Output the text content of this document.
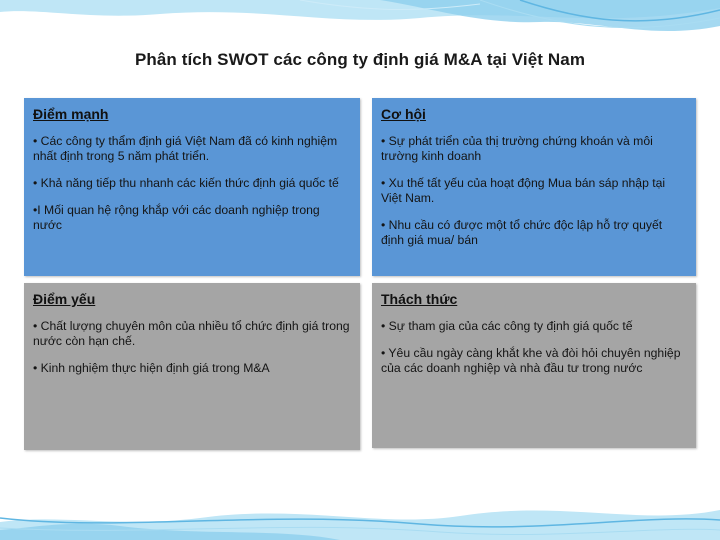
Phân tích SWOT các công ty định giá M&A tại Việt Nam
Điểm mạnh
• Các công ty thẩm định giá Việt Nam đã có kinh nghiệm nhất định trong 5 năm phát triển.
• Khả năng tiếp thu nhanh các kiến thức định giá quốc tế
•I Mối quan hệ rộng khắp với các doanh nghiệp trong nước
Cơ hội
• Sự phát triển của thị trường chứng khoán và môi trường kinh doanh
• Xu thế tất yếu của hoạt động Mua bán sáp nhập tại Việt Nam.
• Nhu cầu có được một tổ chức độc lập hỗ trợ quyết định giá mua/ bán
Điểm yếu
• Chất lượng chuyên môn của nhiều tổ chức định giá trong nước còn hạn chế.
• Kinh nghiệm thực hiện định giá trong M&A
Thách thức
• Sự tham gia của các công ty định giá quốc tế
• Yêu cầu ngày càng khắt khe và đòi hỏi chuyên nghiệp của các doanh nghiệp và nhà đầu tư trong nước
